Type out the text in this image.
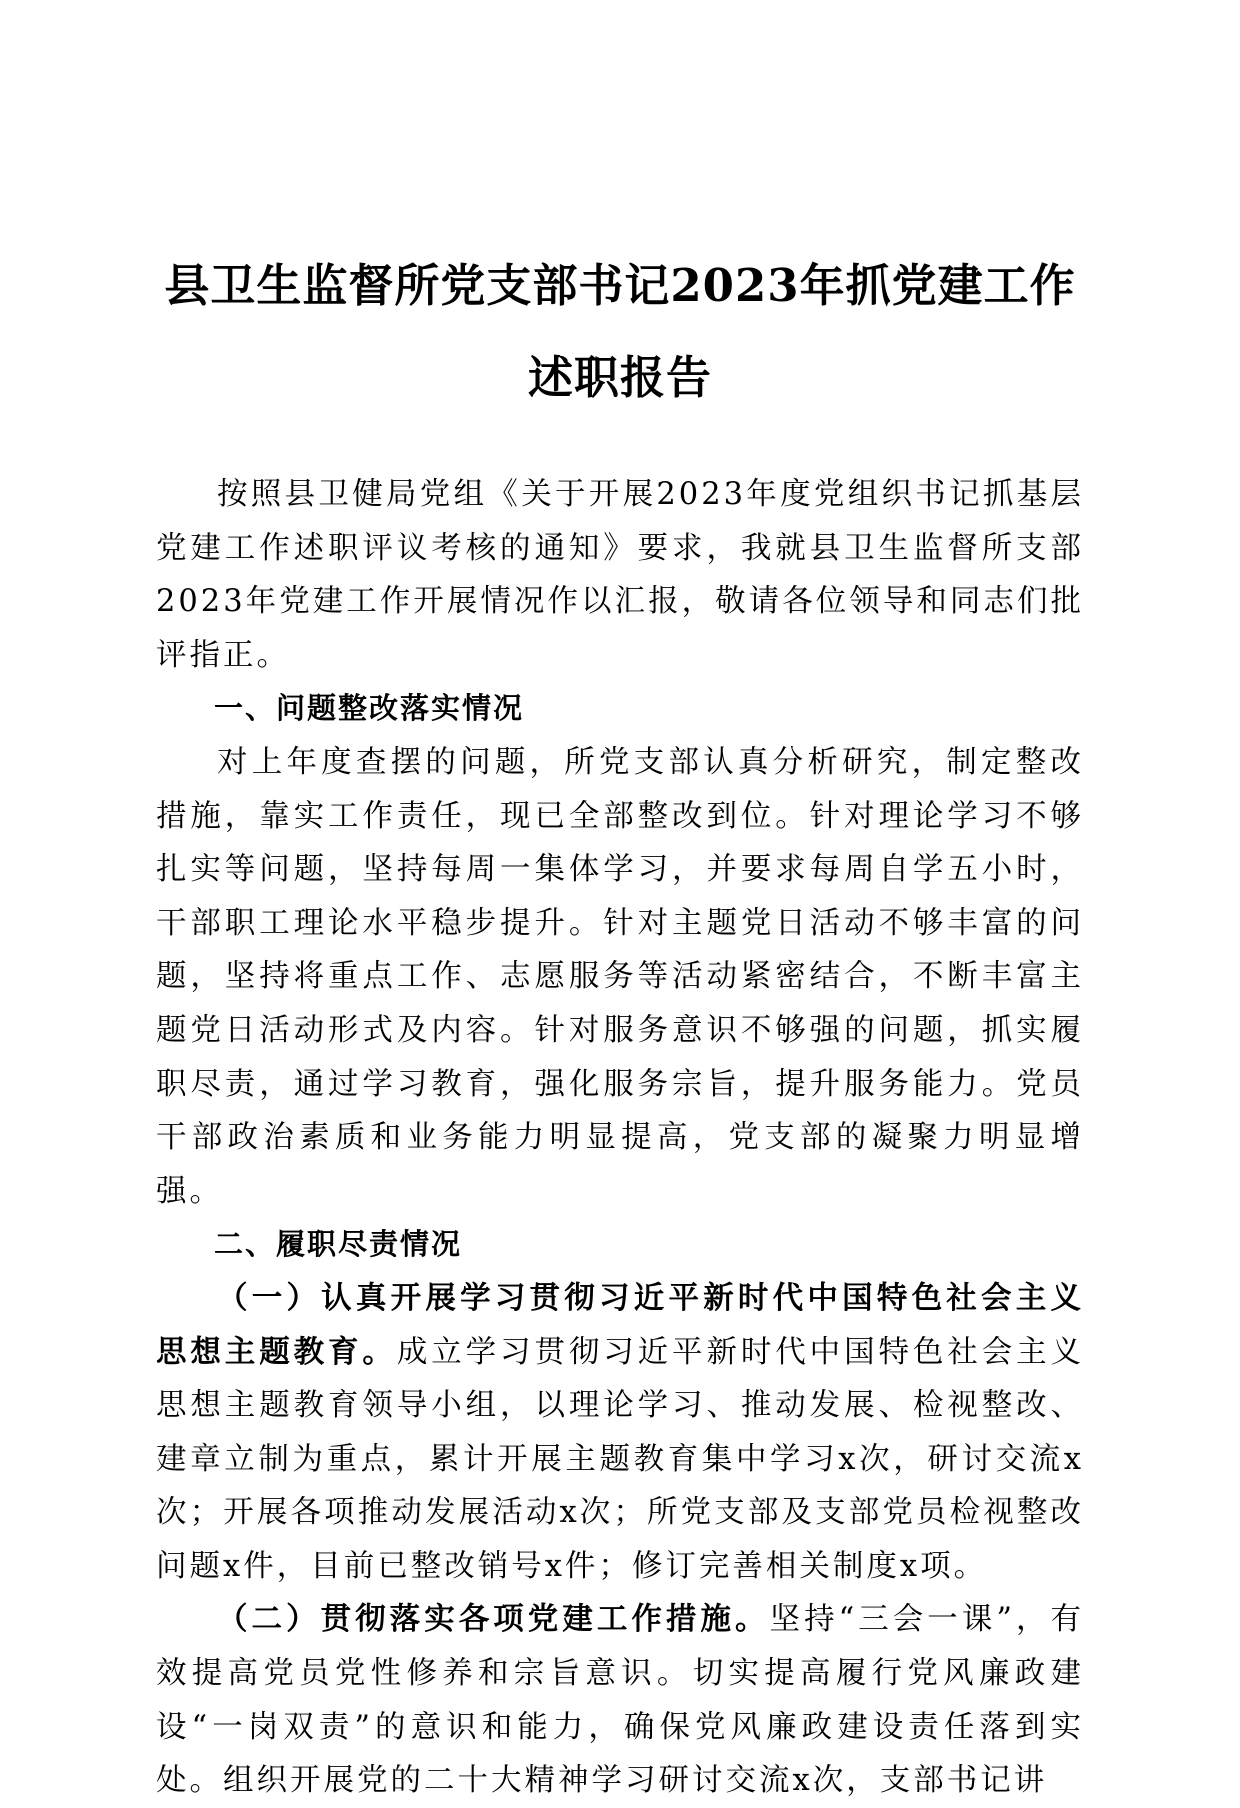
县卫生监督所党支部书记2023年抓党建工作
述职报告

按照县卫健局党组《关于开展2023年度党组织书记抓基层党建工作述职评议考核的通知》要求，我就县卫生监督所支部2023年党建工作开展情况作以汇报，敬请各位领导和同志们批评指正。

一、问题整改落实情况

对上年度查摆的问题，所党支部认真分析研究，制定整改措施，靠实工作责任，现已全部整改到位。针对理论学习不够扎实等问题，坚持每周一集体学习，并要求每周自学五小时，干部职工理论水平稳步提升。针对主题党日活动不够丰富的问题，坚持将重点工作、志愿服务等活动紧密结合，不断丰富主题党日活动形式及内容。针对服务意识不够强的问题，抓实履职尽责，通过学习教育，强化服务宗旨，提升服务能力。党员干部政治素质和业务能力明显提高，党支部的凝聚力明显增强。

二、履职尽责情况

（一）认真开展学习贯彻习近平新时代中国特色社会主义思想主题教育。成立学习贯彻习近平新时代中国特色社会主义思想主题教育领导小组，以理论学习、推动发展、检视整改、建章立制为重点，累计开展主题教育集中学习x次，研讨交流x次；开展各项推动发展活动x次；所党支部及支部党员检视整改问题x件，目前已整改销号x件；修订完善相关制度x项。

（二）贯彻落实各项党建工作措施。坚持“三会一课”，有效提高党员党性修养和宗旨意识。切实提高履行党风廉政建设“一岗双责”的意识和能力，确保党风廉政建设责任落到实处。组织开展党的二十大精神学习研讨交流x次，支部书记讲
